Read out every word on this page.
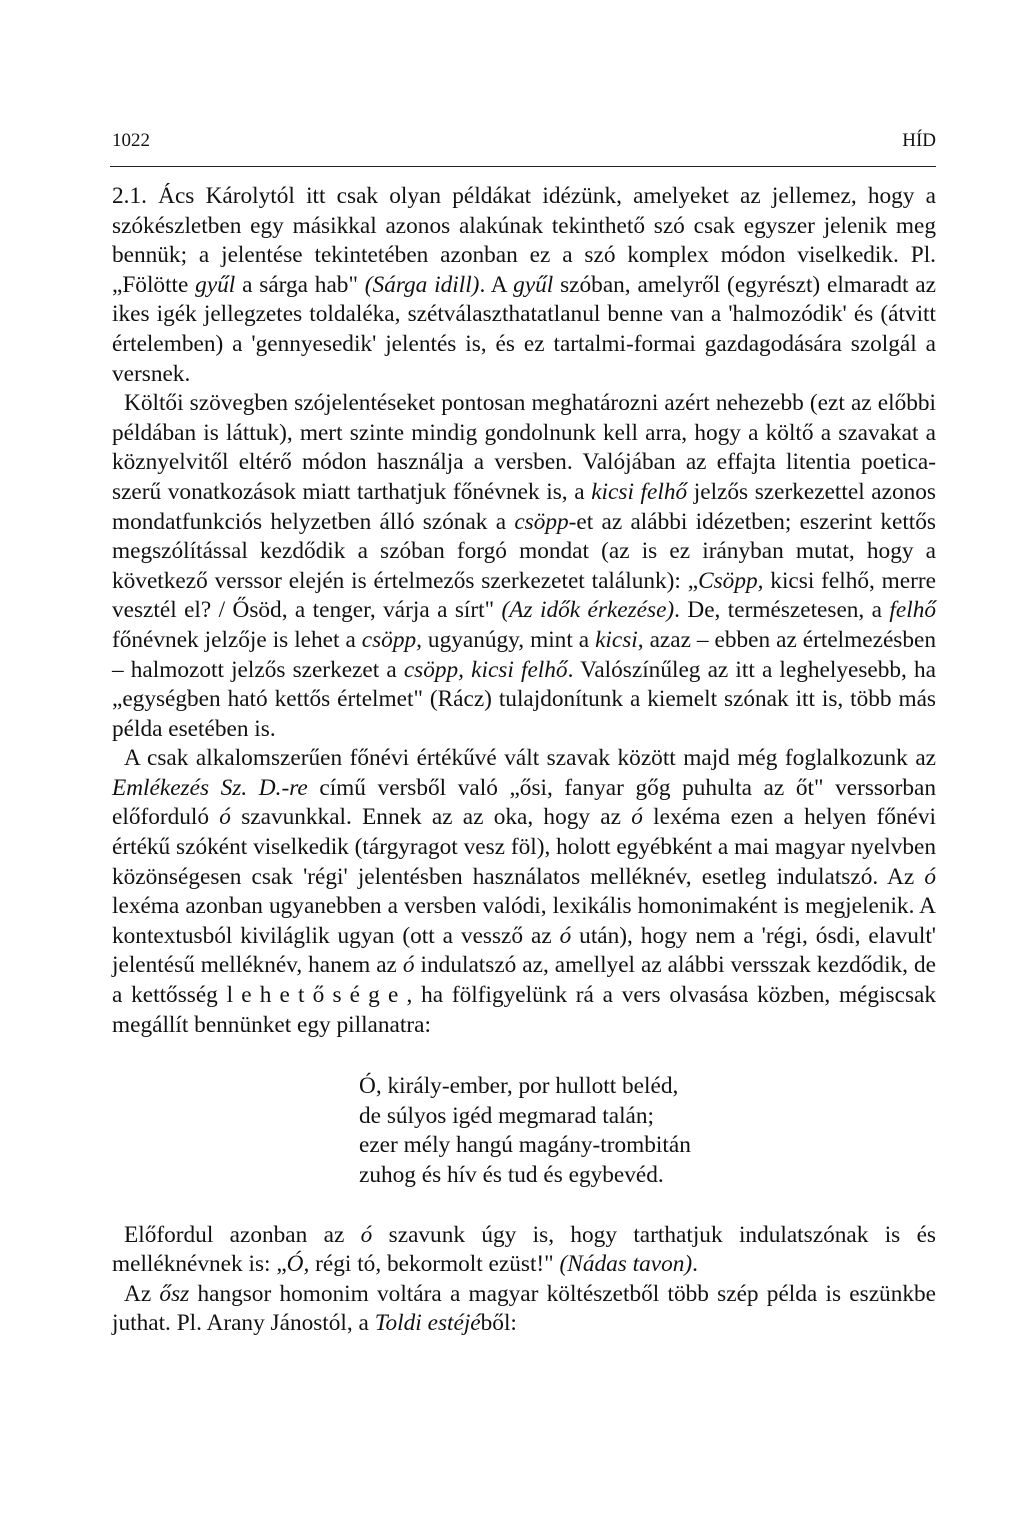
1022	HÍD

2.1. Ács Károlytól itt csak olyan példákat idézünk, amelyeket az jellemez, hogy a szókészletben egy másikkal azonos alakúnak tekinthető szó csak egyszer jelenik meg bennük; a jelentése tekintetében azonban ez a szó komplex módon viselkedik. Pl. „Fölötte gyűl a sárga hab" (Sárga idill). A gyűl szóban, amelyről (egyrészt) elmaradt az ikes igék jellegzetes toldaléka, szétválaszthatatlanul benne van a 'halmozódik' és (átvitt értelemben) a 'gennyesedik' jelentés is, és ez tartalmi-formai gazdagodására szolgál a versnek.

Költői szövegben szójelentéseket pontosan meghatározni azért nehezebb (ezt az előbbi példában is láttuk), mert szinte mindig gondolnunk kell arra, hogy a költő a szavakat a köznyelvitől eltérő módon használja a versben. Valójában az effajta litentia poetica-szerű vonatkozások miatt tarthatjuk főnévnek is, a kicsi felhő jelzős szerkezettel azonos mondatfunkciós helyzetben álló szónak a csöpp-et az alábbi idézetben; eszerint kettős megszólítással kezdődik a szóban forgó mondat (az is ez irányban mutat, hogy a következő verssor elején is értelmezős szerkezetet találunk): „Csöpp, kicsi felhő, merre vesztél el? / Ősöd, a tenger, várja a sírt" (Az idők érkezése). De, természetesen, a felhő főnévnek jelzője is lehet a csöpp, ugyanúgy, mint a kicsi, azaz – ebben az értelmezésben – halmozott jelzős szerkezet a csöpp, kicsi felhő. Valószínűleg az itt a leghelyesebb, ha „egységben ható kettős értelmet" (Rácz) tulajdonítunk a kiemelt szónak itt is, több más példa esetében is.

A csak alkalomszerűen főnévi értékűvé vált szavak között majd még foglalkozunk az Emlékezés Sz. D.-re című versből való „ősi, fanyar gőg puhulta az őt" verssorban előforduló ó szavunkkal. Ennek az az oka, hogy az ó lexéma ezen a helyen főnévi értékű szóként viselkedik (tárgyragot vesz föl), holott egyébként a mai magyar nyelvben közönségesen csak 'régi' jelentésben használatos melléknév, esetleg indulatszó. Az ó lexéma azonban ugyanebben a versben valódi, lexikális homonimaként is megjelenik. A kontextusból kiviláglik ugyan (ott a vessző az ó után), hogy nem a 'régi, ósdi, elavult' jelentésű melléknév, hanem az ó indulatszó az, amellyel az alábbi versszak kezdődik, de a kettősség lehetősége, ha fölfigyelünk rá a vers olvasása közben, mégiscsak megállít bennünket egy pillanatra:

Ó, király-ember, por hullott beléd,
de súlyos igéd megmarad talán;
ezer mély hangú magány-trombitán
zuhog és hív és tud és egybevéd.

Előfordul azonban az ó szavunk úgy is, hogy tarthatjuk indulatszónak is és melléknévnek is: „Ó, régi tó, bekormolt ezüst!" (Nádas tavon).

Az ősz hangsor homonim voltára a magyar költészetből több szép példa is eszünkbe juthat. Pl. Arany Jánostól, a Toldi estéjéből:
